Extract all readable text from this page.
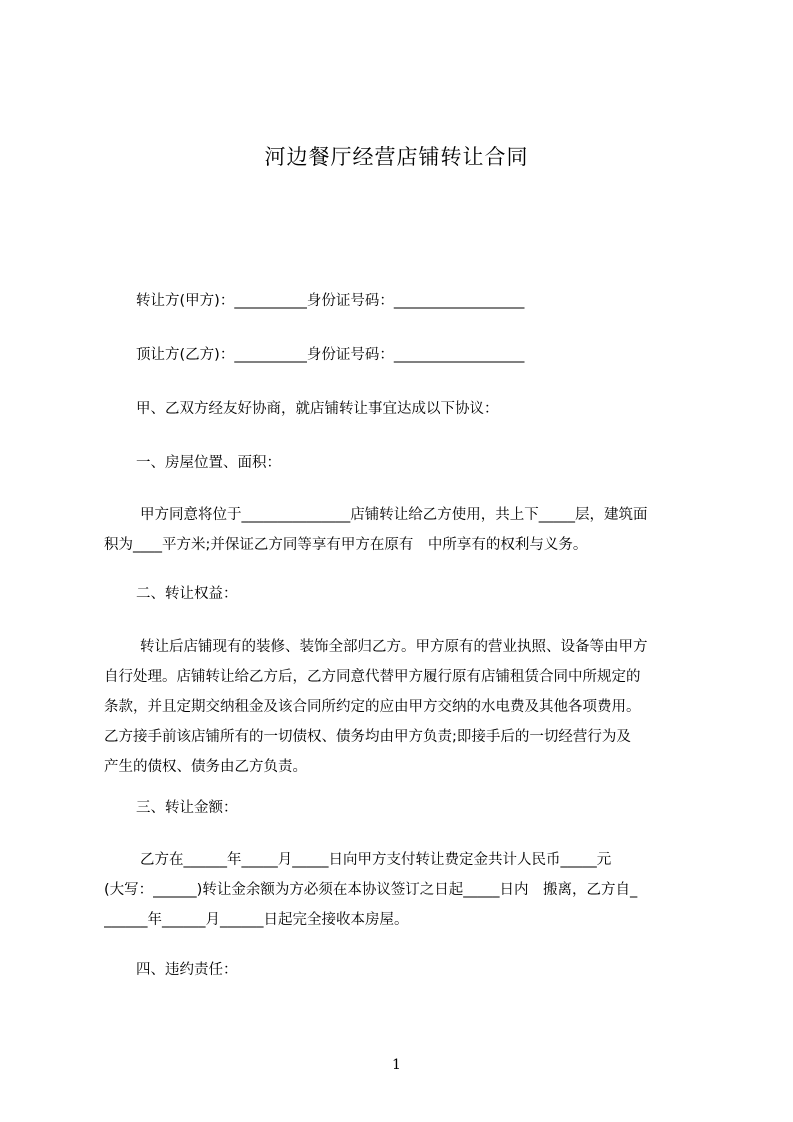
河边餐厅经营店铺转让合同
转让方(甲方)：__________身份证号码：__________________
顶让方(乙方)：__________身份证号码：__________________
甲、乙双方经友好协商，就店铺转让事宜达成以下协议：
一、房屋位置、面积：
甲方同意将位于_______________店铺转让给乙方使用，共上下_____层，建筑面
积为____平方米;并保证乙方同等享有甲方在原有　中所享有的权利与义务。
二、转让权益：
转让后店铺现有的装修、装饰全部归乙方。甲方原有的营业执照、设备等由甲方
自行处理。店铺转让给乙方后，乙方同意代替甲方履行原有店铺租赁合同中所规定的
条款，并且定期交纳租金及该合同所约定的应由甲方交纳的水电费及其他各项费用。
乙方接手前该店铺所有的一切债权、债务均由甲方负责;即接手后的一切经营行为及
产生的债权、债务由乙方负责。
三、转让金额：
乙方在______年_____月_____日向甲方支付转让费定金共计人民币_____元
(大写：______)转让金余额为方必须在本协议签订之日起_____日内　搬离，乙方自_
______年______月______日起完全接收本房屋。
四、违约责任：
1
